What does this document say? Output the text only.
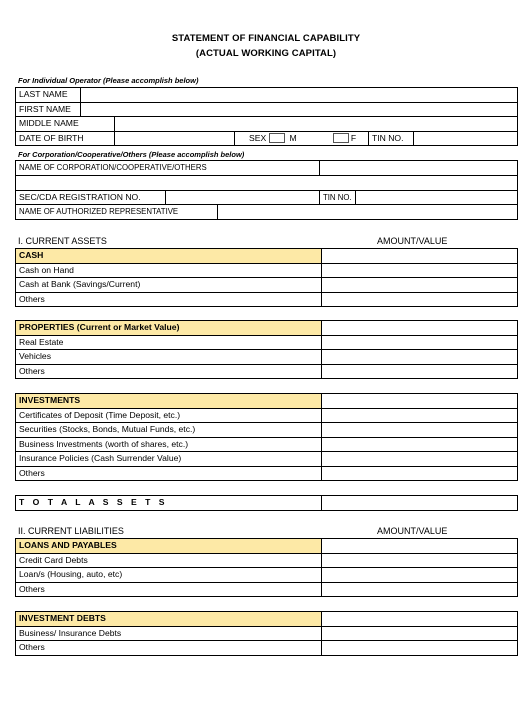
STATEMENT OF FINANCIAL CAPABILITY
(ACTUAL WORKING CAPITAL)
For Individual Operator (Please accomplish below)
LAST NAME							
FIRST NAME							
MIDDLE NAME							
DATE OF BIRTH			SEX	M	F	TIN NO.	
For Corporation/Cooperative/Others (Please accomplish below)
NAME OF CORPORATION/COOPERATIVE/OTHERS				

SEC/CDA REGISTRATION NO.			TIN NO.	
NAME OF AUTHORIZED REPRESENTATIVE				
I. CURRENT ASSETS	AMOUNT/VALUE
CASH	
Cash on Hand	
Cash at Bank (Savings/Current)	
Others	
PROPERTIES (Current or Market Value)	
Real Estate	
Vehicles	
Others	
INVESTMENTS	
Certificates of Deposit (Time Deposit, etc.)	
Securities (Stocks, Bonds, Mutual Funds, etc.)	
Business Investments (worth of shares, etc.)	
Insurance Policies (Cash Surrender Value)	
Others	
T O T A L A S S E T S	
II. CURRENT LIABILITIES	AMOUNT/VALUE
LOANS AND PAYABLES	
Credit Card Debts	
Loan/s (Housing, auto, etc)	
Others	
INVESTMENT DEBTS	
Business/ Insurance Debts	
Others	
